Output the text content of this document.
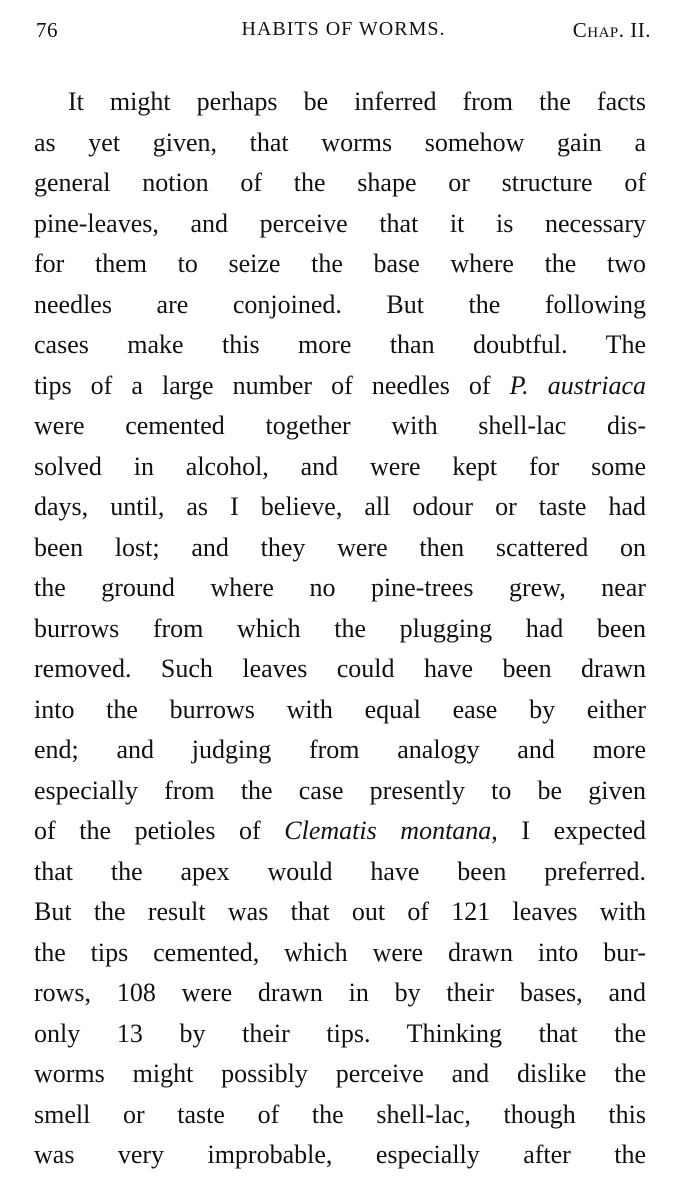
76	HABITS OF WORMS.	Chap. II.
It might perhaps be inferred from the facts
as yet given, that worms somehow gain a
general notion of the shape or structure of
pine-leaves, and perceive that it is necessary
for them to seize the base where the two
needles are conjoined. But the following
cases make this more than doubtful. The
tips of a large number of needles of P. austriaca
were cemented together with shell-lac dis-
solved in alcohol, and were kept for some
days, until, as I believe, all odour or taste had
been lost; and they were then scattered on
the ground where no pine-trees grew, near
burrows from which the plugging had been
removed. Such leaves could have been drawn
into the burrows with equal ease by either
end; and judging from analogy and more
especially from the case presently to be given
of the petioles of Clematis montana, I expected
that the apex would have been preferred.
But the result was that out of 121 leaves with
the tips cemented, which were drawn into bur-
rows, 108 were drawn in by their bases, and
only 13 by their tips. Thinking that the
worms might possibly perceive and dislike the
smell or taste of the shell-lac, though this
was very improbable, especially after the
